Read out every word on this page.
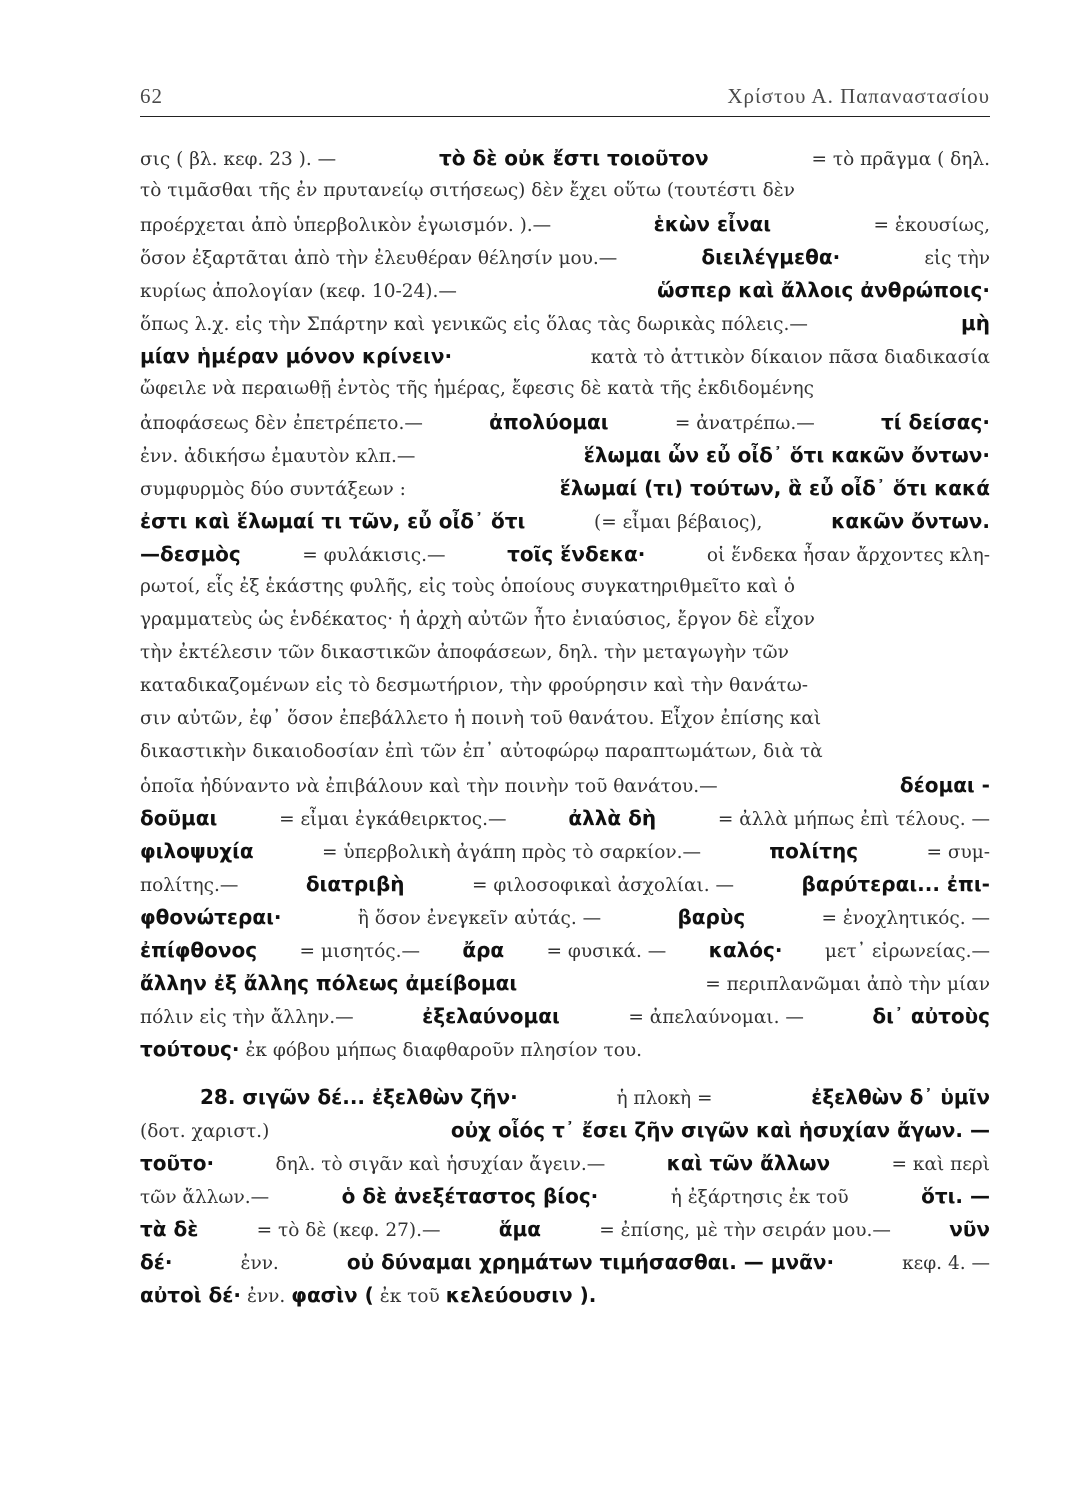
62	Χρίστου Α. Παπαναστασίου
σις ( βλ. κεφ. 23 ). —	τὸ δὲ οὐκ ἔστι τοιοῦτον	= τὸ πρᾶγμα ( δηλ.
τὸ τιμᾶσθαι τῆς ἐν πρυτανείῳ σιτήσεως) δὲν ἔχει οὕτω (τουτέστι δὲν
προέρχεται ἀπὸ ὑπερβολικὸν ἐγωισμόν. ).—	ἑκὼν εἶναι	= ἑκουσίως,
ὅσον ἐξαρτᾶται ἀπὸ τὴν ἐλευθέραν θέλησίν μου.—	διειλέγμεθα·	εἰς τὴν
κυρίως ἀπολογίαν (κεφ. 10-24).—	ὥσπερ καὶ ἄλλοις ἀνθρώποις·
ὅπως λ.χ. εἰς τὴν Σπάρτην καὶ γενικῶς εἰς ὅλας τὰς δωρικὰς πόλεις.—	μὴ
μίαν ἡμέραν μόνον κρίνειν·	κατὰ τὸ ἀττικὸν δίκαιον πᾶσα διαδικασία
ὤφειλε νὰ περαιωθῇ ἐντὸς τῆς ἡμέρας, ἔφεσις δὲ κατὰ τῆς ἐκδιδομένης
ἀποφάσεως δὲν ἐπετρέπετο.—	ἀπολύομαι	= ἀνατρέπω.—	τί δείσας·
ἐνν. ἀδικήσω ἐμαυτὸν κλπ.—	ἕλωμαι ὧν εὖ οἶδ᾽ ὅτι κακῶν ὄντων·
συμφυρμὸς δύο συντάξεων :	ἕλωμαί (τι) τούτων, ἃ εὖ οἶδ᾽ ὅτι κακά
ἐστι καὶ ἕλωμαί τι τῶν, εὖ οἶδ᾽ ὅτι	(= εἶμαι βέβαιος),	κακῶν ὄντων.
—δεσμὸς	= φυλάκισις.—	τοῖς ἕνδεκα·	οἱ ἕνδεκα ἦσαν ἄρχοντες κλη-
ρωτοί, εἷς ἐξ ἑκάστης φυλῆς, εἰς τοὺς ὁποίους συγκατηριθμεῖτο καὶ ὁ
γραμματεὺς ὡς ἑνδέκατος· ἡ ἀρχὴ αὐτῶν ἦτο ἐνιαύσιος, ἔργον δὲ εἶχον
τὴν ἐκτέλεσιν τῶν δικαστικῶν ἀποφάσεων, δηλ. τὴν μεταγωγὴν τῶν
καταδικαζομένων εἰς τὸ δεσμωτήριον, τὴν φρούρησιν καὶ τὴν θανάτω-
σιν αὐτῶν, ἐφ᾽ ὅσον ἐπεβάλλετο ἡ ποινὴ τοῦ θανάτου. Εἶχον ἐπίσης καὶ
δικαστικὴν δικαιοδοσίαν ἐπὶ τῶν ἐπ᾽ αὐτοφώρῳ παραπτωμάτων, διὰ τὰ
ὁποῖα ἠδύναντο νὰ ἐπιβάλουν καὶ τὴν ποινὴν τοῦ θανάτου.—	δέομαι -
δοῦμαι	= εἶμαι ἐγκάθειρκτος.—	ἀλλὰ δὴ	= ἀλλὰ μήπως ἐπὶ τέλους. —
φιλοψυχία	= ὑπερβολικὴ ἀγάπη πρὸς τὸ σαρκίον.—	πολίτης	= συμ-
πολίτης.—	διατριβὴ	= φιλοσοφικαὶ ἀσχολίαι. —	βαρύτεραι... ἐπι-
φθονώτεραι·	ἢ ὅσον ἐνεγκεῖν αὐτάς. —	βαρὺς	= ἐνοχλητικός. —
ἐπίφθονος = μισητός.— ἄρα = φυσικά. — καλός· μετ᾽ εἰρωνείας.—
ἄλλην ἐξ ἄλλης πόλεως ἀμείβομαι	= περιπλανῶμαι ἀπὸ τὴν μίαν
πόλιν εἰς τὴν ἄλλην.—	ἐξελαύνομαι	= ἀπελαύνομαι. —	δι᾽ αὐτοὺς
τούτους· ἐκ φόβου μήπως διαφθαροῦν πλησίον του.
28. σιγῶν δέ... ἐξελθὼν ζῆν·	ἡ πλοκὴ =	ἐξελθὼν δ᾽ ὑμῖν
(δοτ. χαριστ.)	οὐχ οἷός τ᾽ ἔσει ζῆν σιγῶν καὶ ἡσυχίαν ἄγων. —
τοῦτο·	δηλ. τὸ σιγᾶν καὶ ἡσυχίαν ἄγειν.—	καὶ τῶν ἄλλων	= καὶ περὶ
τῶν ἄλλων.—	ὁ δὲ ἀνεξέταστος βίος·	ἡ ἐξάρτησις ἐκ τοῦ	ὅτι. —
τὰ δὲ	= τὸ δὲ (κεφ. 27).—	ἅμα	= ἐπίσης, μὲ τὴν σειράν μου.—	νῦν
δέ·	ἐνν.	οὐ δύναμαι χρημάτων τιμήσασθαι. — μνᾶν·	κεφ. 4. —
αὐτοὶ δέ· ἐνν. φασὶν ( ἐκ τοῦ κελεύουσιν ).
